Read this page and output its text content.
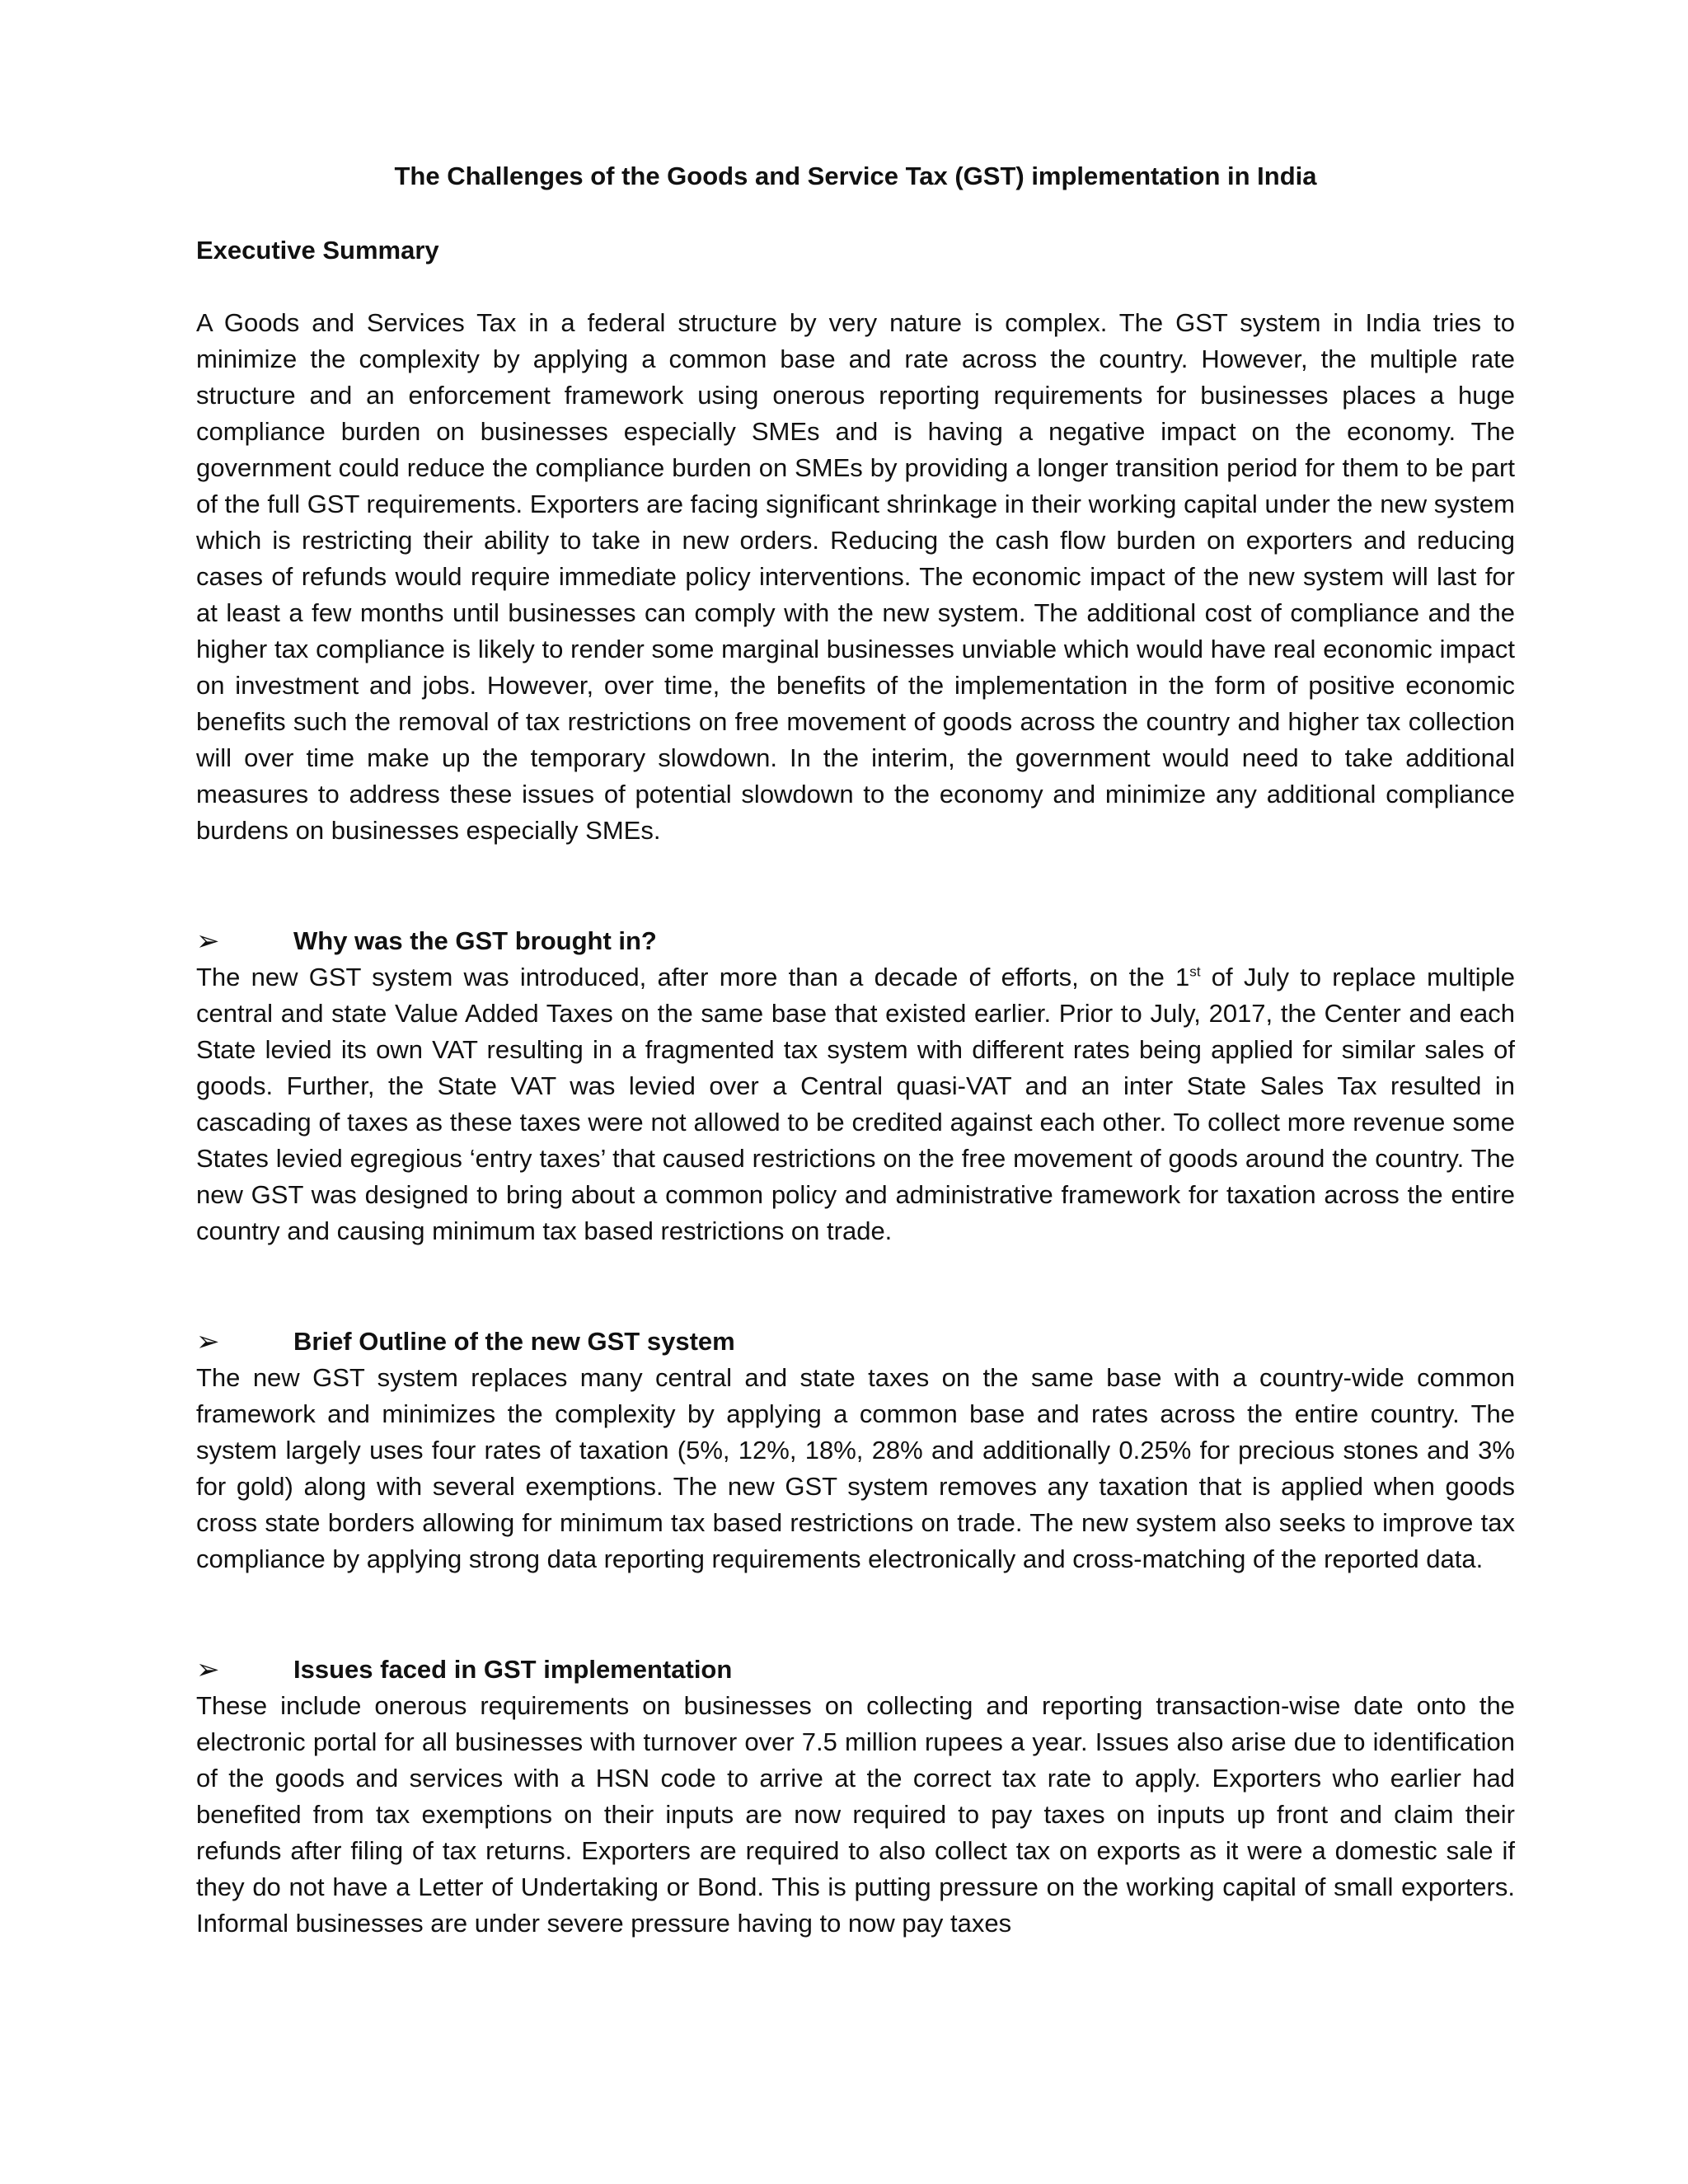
The Challenges of the Goods and Service Tax (GST) implementation in India
Executive Summary

A Goods and Services Tax in a federal structure by very nature is complex. The GST system in India tries to minimize the complexity by applying a common base and rate across the country. However, the multiple rate structure and an enforcement framework using onerous reporting requirements for businesses places a huge compliance burden on businesses especially SMEs and is having a negative impact on the economy. The government could reduce the compliance burden on SMEs by providing a longer transition period for them to be part of the full GST requirements. Exporters are facing significant shrinkage in their working capital under the new system which is restricting their ability to take in new orders. Reducing the cash flow burden on exporters and reducing cases of refunds would require immediate policy interventions. The economic impact of the new system will last for at least a few months until businesses can comply with the new system. The additional cost of compliance and the higher tax compliance is likely to render some marginal businesses unviable which would have real economic impact on investment and jobs. However, over time, the benefits of the implementation in the form of positive economic benefits such the removal of tax restrictions on free movement of goods across the country and higher tax collection will over time make up the temporary slowdown. In the interim, the government would need to take additional measures to address these issues of potential slowdown to the economy and minimize any additional compliance burdens on businesses especially SMEs.

➢	Why was the GST brought in?

The new GST system was introduced, after more than a decade of efforts, on the 1st of July to replace multiple central and state Value Added Taxes on the same base that existed earlier. Prior to July, 2017, the Center and each State levied its own VAT resulting in a fragmented tax system with different rates being applied for similar sales of goods. Further, the State VAT was levied over a Central quasi-VAT and an inter State Sales Tax resulted in cascading of taxes as these taxes were not allowed to be credited against each other. To collect more revenue some States levied egregious ‘entry taxes’ that caused restrictions on the free movement of goods around the country. The new GST was designed to bring about a common policy and administrative framework for taxation across the entire country and causing minimum tax based restrictions on trade.

➢	Brief Outline of the new GST system

The new GST system replaces many central and state taxes on the same base with a country-wide common framework and minimizes the complexity by applying a common base and rates across the entire country. The system largely uses four rates of taxation (5%, 12%, 18%, 28% and additionally 0.25% for precious stones and 3% for gold) along with several exemptions. The new GST system removes any taxation that is applied when goods cross state borders allowing for minimum tax based restrictions on trade. The new system also seeks to improve tax compliance by applying strong data reporting requirements electronically and cross-matching of the reported data.

➢	Issues faced in GST implementation

These include onerous requirements on businesses on collecting and reporting transaction-wise date onto the electronic portal for all businesses with turnover over 7.5 million rupees a year. Issues also arise due to identification of the goods and services with a HSN code to arrive at the correct tax rate to apply. Exporters who earlier had benefited from tax exemptions on their inputs are now required to pay taxes on inputs up front and claim their refunds after filing of tax returns. Exporters are required to also collect tax on exports as it were a domestic sale if they do not have a Letter of Undertaking or Bond. This is putting pressure on the working capital of small exporters. Informal businesses are under severe pressure having to now pay taxes
